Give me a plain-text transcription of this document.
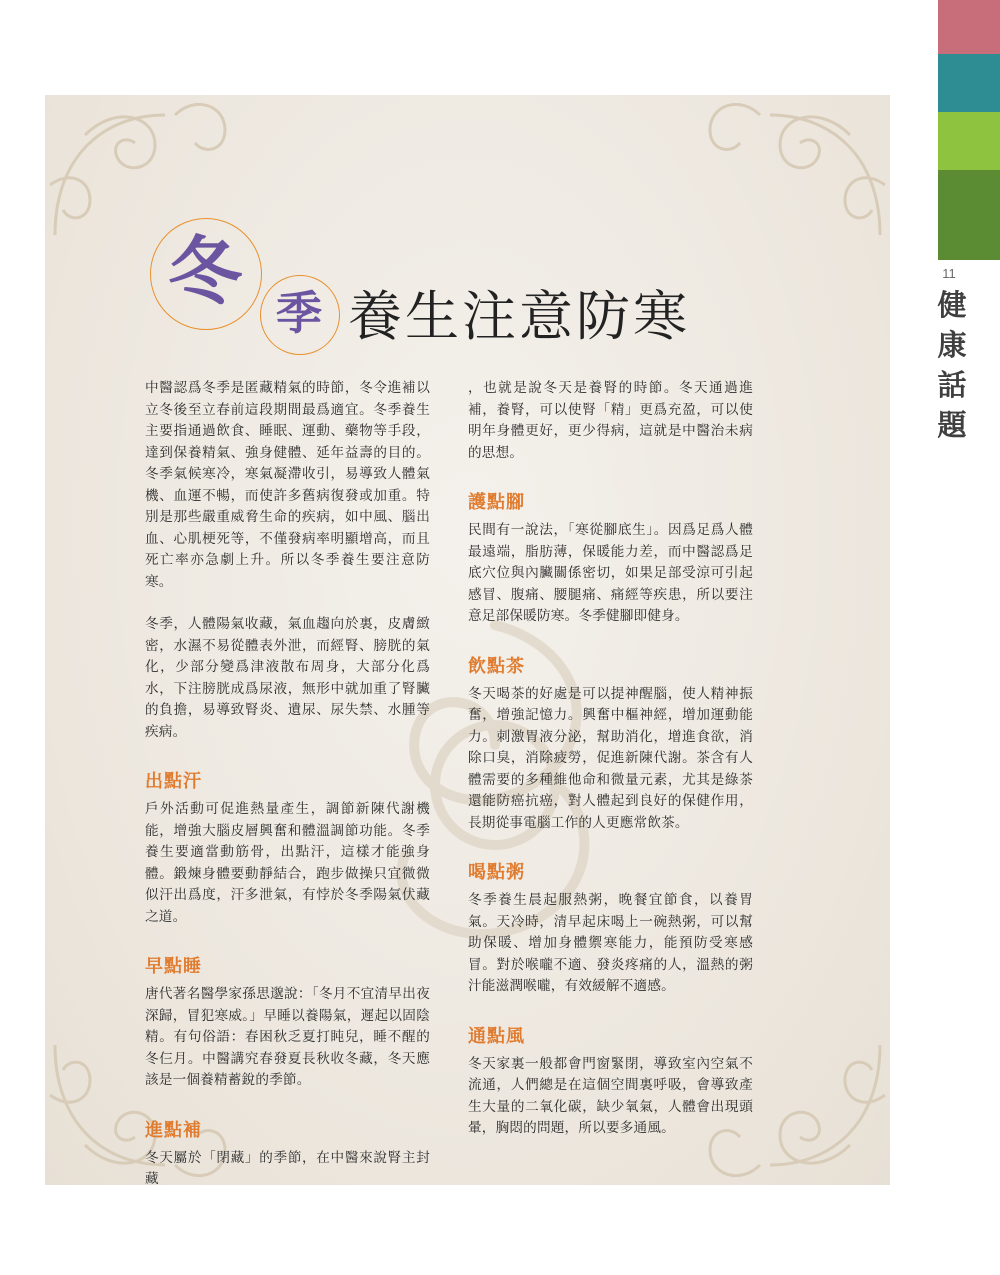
11
健
康
話
題
冬 季 養生注意防寒

中醫認爲冬季是匿藏精氣的時節，冬令進補以立冬後至立春前這段期間最爲適宜。冬季養生主要指通過飲食、睡眠、運動、藥物等手段，達到保養精氣、強身健體、延年益壽的目的。冬季氣候寒冷，寒氣凝滯收引，易導致人體氣機、血運不暢，而使許多舊病復發或加重。特別是那些嚴重威脅生命的疾病，如中風、腦出血、心肌梗死等，不僅發病率明顯增高，而且死亡率亦急劇上升。所以冬季養生要注意防寒。

冬季，人體陽氣收藏，氣血趨向於裏，皮膚緻密，水濕不易從體表外泄，而經腎、膀胱的氣化，少部分變爲津液散布周身，大部分化爲水，下注膀胱成爲尿液，無形中就加重了腎臟的負擔，易導致腎炎、遺尿、尿失禁、水腫等疾病。

出點汗

戶外活動可促進熱量產生，調節新陳代謝機能，增強大腦皮層興奮和體溫調節功能。冬季養生要適當動筋骨，出點汗，這樣才能強身體。鍛煉身體要動靜結合，跑步做操只宜微微似汗出爲度，汗多泄氣，有悖於冬季陽氣伏藏之道。

早點睡

唐代著名醫學家孫思邈說：「冬月不宜清早出夜深歸，冒犯寒威。」早睡以養陽氣，遲起以固陰精。有句俗語：春困秋乏夏打盹兒，睡不醒的冬仨月。中醫講究春發夏長秋收冬藏，冬天應該是一個養精蓄銳的季節。

進點補

冬天屬於「閉藏」的季節，在中醫來說腎主封藏

，也就是說冬天是養腎的時節。冬天通過進補，養腎，可以使腎「精」更爲充盈，可以使明年身體更好，更少得病，這就是中醫治未病的思想。

護點腳

民間有一說法，「寒從腳底生」。因爲足爲人體最遠端，脂肪薄，保暖能力差，而中醫認爲足底穴位與內臟關係密切，如果足部受涼可引起感冒、腹痛、腰腿痛、痛經等疾患，所以要注意足部保暖防寒。冬季健腳即健身。

飲點茶

冬天喝茶的好處是可以提神醒腦，使人精神振奮，增強記憶力。興奮中樞神經，增加運動能力。刺激胃液分泌，幫助消化，增進食欲，消除口臭，消除疲勞，促進新陳代謝。茶含有人體需要的多種維他命和微量元素，尤其是綠茶還能防癌抗癌，對人體起到良好的保健作用，長期從事電腦工作的人更應常飲茶。

喝點粥

冬季養生晨起服熱粥，晚餐宜節食，以養胃氣。天冷時，清早起床喝上一碗熱粥，可以幫助保暖、增加身體禦寒能力，能預防受寒感冒。對於喉嚨不適、發炎疼痛的人，溫熱的粥汁能滋潤喉嚨，有效緩解不適感。

通點風

冬天家裏一般都會門窗緊閉，導致室內空氣不流通，人們總是在這個空間裏呼吸，會導致產生大量的二氧化碳，缺少氧氣，人體會出現頭暈，胸悶的問題，所以要多通風。
